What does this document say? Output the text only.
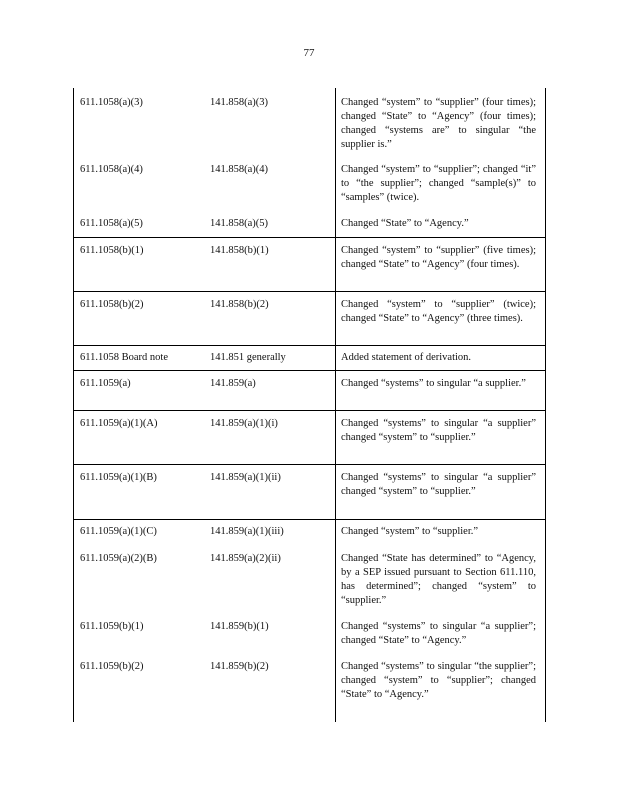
77
611.1058(a)(3)	141.858(a)(3)	Changed “system” to “supplier” (four times); changed “State” to “Agency” (four times); changed “systems are” to singular “the supplier is.”
611.1058(a)(4)	141.858(a)(4)	Changed “system” to “supplier”; changed “it” to “the supplier”; changed “sample(s)” to “samples” (twice).
611.1058(a)(5)	141.858(a)(5)	Changed “State” to “Agency.”
611.1058(b)(1)	141.858(b)(1)	Changed “system” to “supplier” (five times); changed “State” to “Agency” (four times).
611.1058(b)(2)	141.858(b)(2)	Changed “system” to “supplier” (twice); changed “State” to “Agency” (three times).
611.1058 Board note	141.851 generally	Added statement of derivation.
611.1059(a)	141.859(a)	Changed “systems” to singular “a supplier.”
611.1059(a)(1)(A)	141.859(a)(1)(i)	Changed “systems” to singular “a supplier” changed “system” to “supplier.”
611.1059(a)(1)(B)	141.859(a)(1)(ii)	Changed “systems” to singular “a supplier” changed “system” to “supplier.”
611.1059(a)(1)(C)	141.859(a)(1)(iii)	Changed “system” to “supplier.”
611.1059(a)(2)(B)	141.859(a)(2)(ii)	Changed “State has determined” to “Agency, by a SEP issued pursuant to Section 611.110, has determined”; changed “system” to “supplier.”
611.1059(b)(1)	141.859(b)(1)	Changed “systems” to singular “a supplier”; changed “State” to “Agency.”
611.1059(b)(2)	141.859(b)(2)	Changed “systems” to singular “the supplier”; changed “system” to “supplier”; changed “State” to “Agency.”
